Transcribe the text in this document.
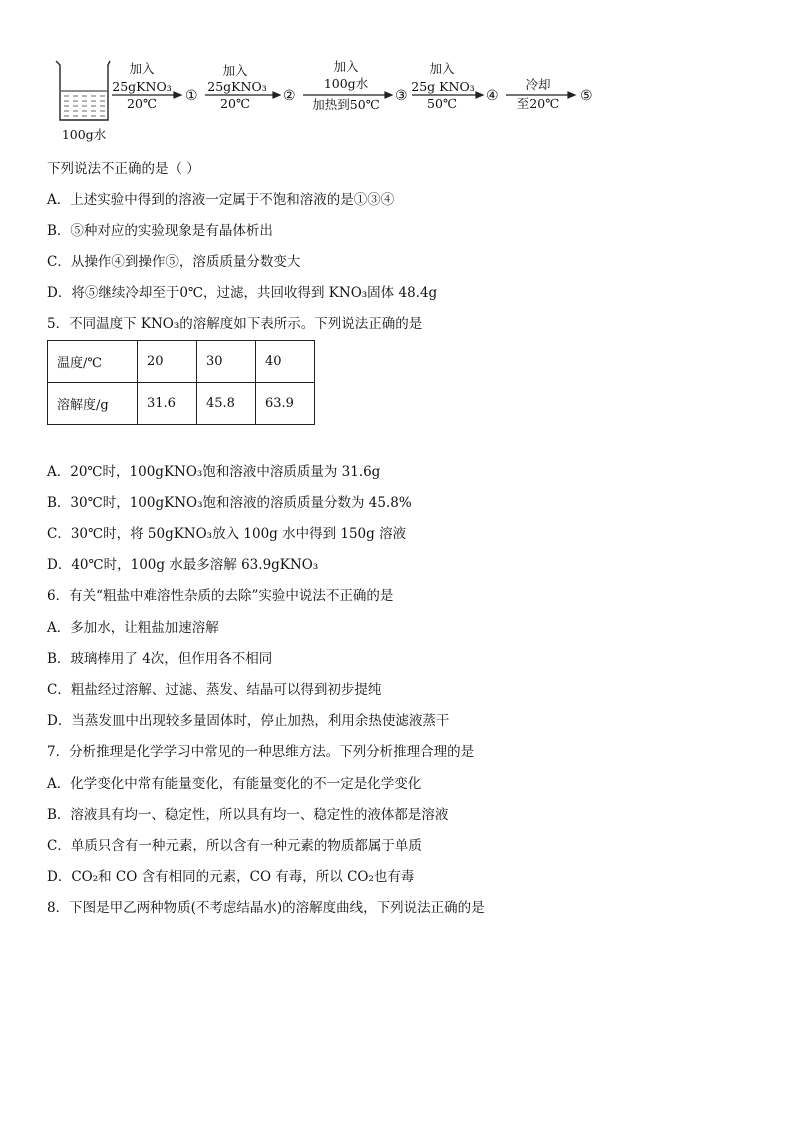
100g水
加入
25gKNO₃
20℃	①
加入
25gKNO₃
20℃	②
加入
100g水
加热到50℃
③
加入
25g KNO₃
50℃	④
冷却
至20℃	⑤
下列说法不正确的是（ ）
A．上述实验中得到的溶液一定属于不饱和溶液的是①③④
B．⑤种对应的实验现象是有晶体析出
C．从操作④到操作⑤，溶质质量分数变大
D．将⑤继续冷却至于0℃，过滤，共回收得到 KNO₃固体 48.4g
5．不同温度下 KNO₃的溶解度如下表所示。下列说法正确的是
温度/℃	20	30	40
溶解度/g	31.6	45.8	63.9
A．20℃时，100gKNO₃饱和溶液中溶质质量为 31.6g
B．30℃时，100gKNO₃饱和溶液的溶质质量分数为 45.8%
C．30℃时，将 50gKNO₃放入 100g 水中得到 150g 溶液
D．40℃时，100g 水最多溶解 63.9gKNO₃
6．有关“粗盐中难溶性杂质的去除”实验中说法不正确的是
A．多加水，让粗盐加速溶解
B．玻璃棒用了 4次，但作用各不相同
C．粗盐经过溶解、过滤、蒸发、结晶可以得到初步提纯
D．当蒸发皿中出现较多量固体时，停止加热，利用余热使滤液蒸干
7．分析推理是化学学习中常见的一种思维方法。下列分析推理合理的是
A．化学变化中常有能量变化，有能量变化的不一定是化学变化
B．溶液具有均一、稳定性，所以具有均一、稳定性的液体都是溶液
C．单质只含有一种元素，所以含有一种元素的物质都属于单质
D．CO₂和 CO 含有相同的元素，CO 有毒，所以 CO₂也有毒
8．下图是甲乙两种物质(不考虑结晶水)的溶解度曲线，下列说法正确的是
